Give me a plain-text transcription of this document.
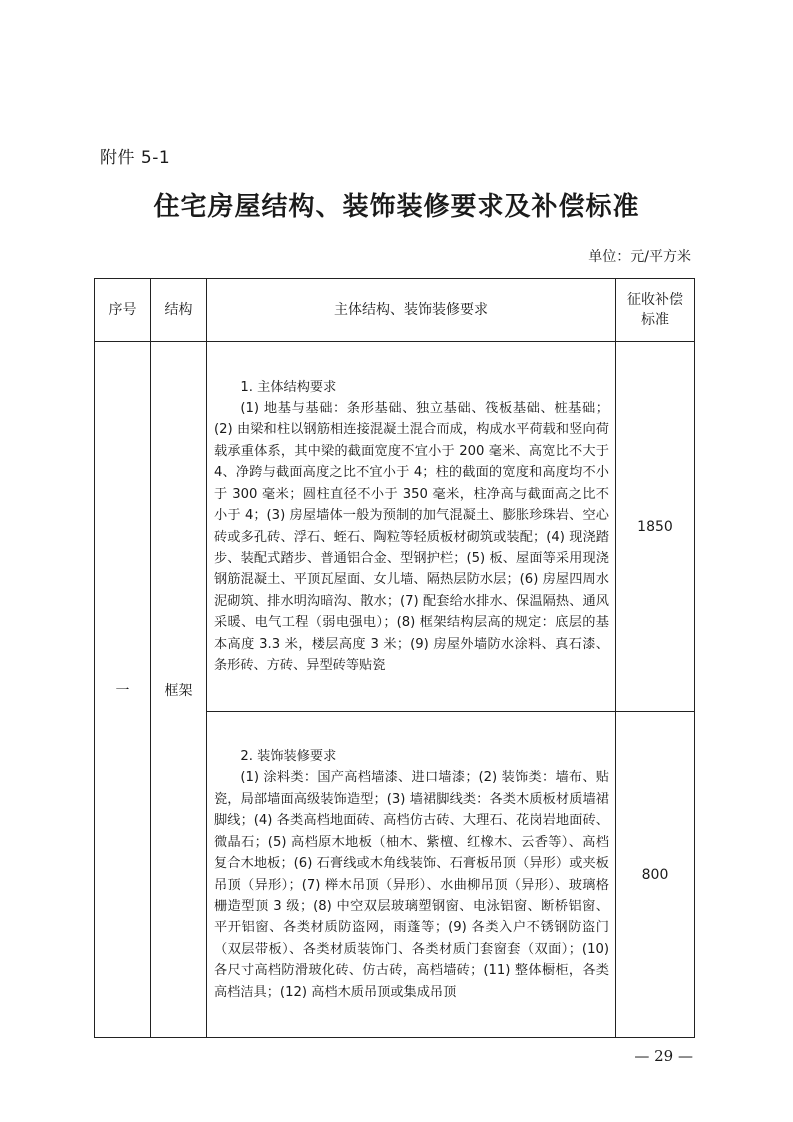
附件 5-1
住宅房屋结构、装饰装修要求及补偿标准
单位：元/平方米
序号	结构	主体结构、装饰装修要求	征收补偿标准
一	框架	1. 主体结构要求

(1) 地基与基础：条形基础、独立基础、筏板基础、桩基础；(2) 由梁和柱以钢筋相连接混凝土混合而成，构成水平荷载和竖向荷载承重体系，其中梁的截面宽度不宜小于 200 毫米、高宽比不大于 4、净跨与截面高度之比不宜小于 4；柱的截面的宽度和高度均不小于 300 毫米；圆柱直径不小于 350 毫米，柱净高与截面高之比不小于 4；(3) 房屋墙体一般为预制的加气混凝土、膨胀珍珠岩、空心砖或多孔砖、浮石、蛭石、陶粒等轻质板材砌筑或装配；(4) 现浇踏步、装配式踏步、普通铝合金、型钢护栏；(5) 板、屋面等采用现浇钢筋混凝土、平顶瓦屋面、女儿墙、隔热层防水层；(6) 房屋四周水泥砌筑、排水明沟暗沟、散水；(7) 配套给水排水、保温隔热、通风采暖、电气工程（弱电强电）；(8) 框架结构层高的规定：底层的基本高度 3.3 米，楼层高度 3 米；(9) 房屋外墙防水涂料、真石漆、条形砖、方砖、异型砖等贴瓷	1850

		2. 装饰装修要求

(1) 涂料类：国产高档墙漆、进口墙漆；(2) 装饰类：墙布、贴瓷，局部墙面高级装饰造型；(3) 墙裙脚线类：各类木质板材质墙裙脚线；(4) 各类高档地面砖、高档仿古砖、大理石、花岗岩地面砖、微晶石；(5) 高档原木地板（柚木、紫檀、红橡木、云香等）、高档复合木地板；(6) 石膏线或木角线装饰、石膏板吊顶（异形）或夹板吊顶（异形）；(7) 榉木吊顶（异形）、水曲柳吊顶（异形）、玻璃格栅造型顶 3 级；(8) 中空双层玻璃塑钢窗、电泳铝窗、断桥铝窗、平开铝窗、各类材质防盗网，雨蓬等；(9) 各类入户不锈钢防盗门（双层带板）、各类材质装饰门、各类材质门套窗套（双面）；(10) 各尺寸高档防滑玻化砖、仿古砖，高档墙砖；(11) 整体橱柜，各类高档洁具；(12) 高档木质吊顶或集成吊顶	800
— 29 —
